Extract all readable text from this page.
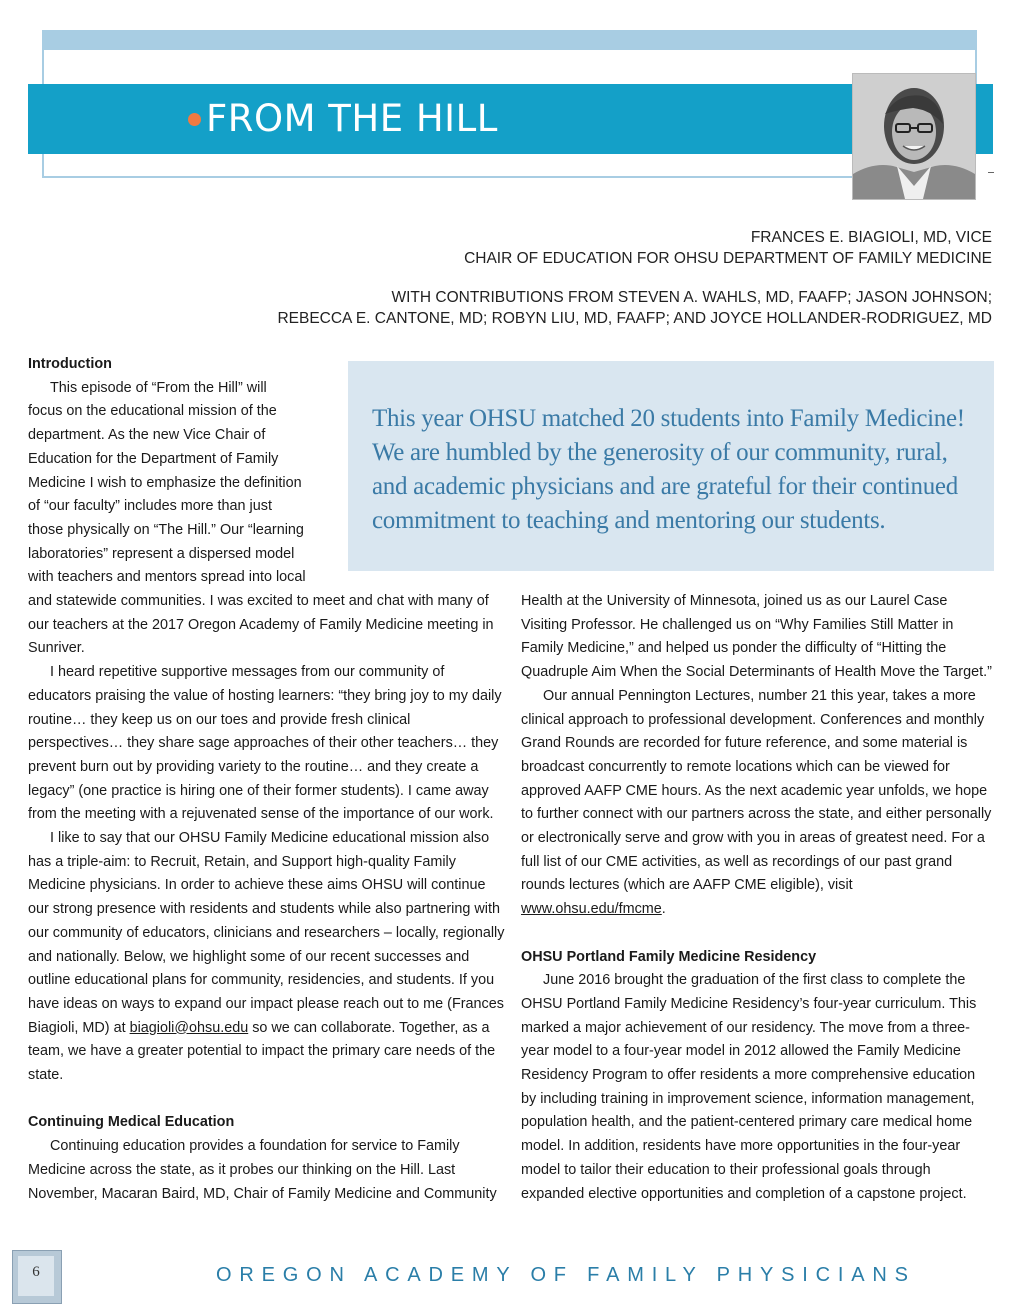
FROM THE HILL
FRANCES E. BIAGIOLI, MD, VICE
CHAIR OF EDUCATION FOR OHSU DEPARTMENT OF FAMILY MEDICINE
WITH CONTRIBUTIONS FROM STEVEN A. WAHLS, MD, FAAFP; JASON JOHNSON;
REBECCA E. CANTONE, MD; ROBYN LIU, MD, FAAFP; AND JOYCE HOLLANDER-RODRIGUEZ, MD
This year OHSU matched 20 students into Family Medicine! We are humbled by the generosity of our community, rural, and academic physicians and are grateful for their continued commitment to teaching and mentoring our students.

Introduction

This episode of “From the Hill” will
focus on the educational mission of the
department. As the new Vice Chair of
Education for the Department of Family
Medicine I wish to emphasize the definition
of “our faculty” includes more than just
those physically on “The Hill.” Our “learning
laboratories” represent a dispersed model
with teachers and mentors spread into local

and statewide communities. I was excited to meet and chat with many of our teachers at the 2017 Oregon Academy of Family Medicine meeting in Sunriver.

I heard repetitive supportive messages from our community of educators praising the value of hosting learners: “they bring joy to my daily routine… they keep us on our toes and provide fresh clinical perspectives… they share sage approaches of their other teachers… they prevent burn out by providing variety to the routine… and they create a legacy” (one practice is hiring one of their former students). I came away from the meeting with a rejuvenated sense of the importance of our work.

I like to say that our OHSU Family Medicine educational mission also has a triple-aim: to Recruit, Retain, and Support high-quality Family Medicine physicians. In order to achieve these aims OHSU will continue our strong presence with residents and students while also partnering with our community of educators, clinicians and researchers – locally, regionally and nationally. Below, we highlight some of our recent successes and outline educational plans for community, residencies, and students. If you have ideas on ways to expand our impact please reach out to me (Frances Biagioli, MD) at biagioli@ohsu.edu so we can collaborate. Together, as a team, we have a greater potential to impact the primary care needs of the state.

Continuing Medical Education

Continuing education provides a foundation for service to Family Medicine across the state, as it probes our thinking on the Hill. Last November, Macaran Baird, MD, Chair of Family Medicine and Community

Health at the University of Minnesota, joined us as our Laurel Case Visiting Professor. He challenged us on “Why Families Still Matter in Family Medicine,” and helped us ponder the difficulty of “Hitting the Quadruple Aim When the Social Determinants of Health Move the Target.”

Our annual Pennington Lectures, number 21 this year, takes a more clinical approach to professional development. Conferences and monthly Grand Rounds are recorded for future reference, and some material is broadcast concurrently to remote locations which can be viewed for approved AAFP CME hours. As the next academic year unfolds, we hope to further connect with our partners across the state, and either personally or electronically serve and grow with you in areas of greatest need. For a full list of our CME activities, as well as recordings of our past grand rounds lectures (which are AAFP CME eligible), visit www.ohsu.edu/fmcme.

OHSU Portland Family Medicine Residency

June 2016 brought the graduation of the first class to complete the OHSU Portland Family Medicine Residency’s four-year curriculum. This marked a major achievement of our residency. The move from a three-year model to a four-year model in 2012 allowed the Family Medicine Residency Program to offer residents a more comprehensive education by including training in improvement science, information management, population health, and the patient-centered primary care medical home model. In addition, residents have more opportunities in the four-year model to tailor their education to their professional goals through expanded elective opportunities and completion of a capstone project.

6	OREGON ACADEMY OF FAMILY PHYSICIANS
